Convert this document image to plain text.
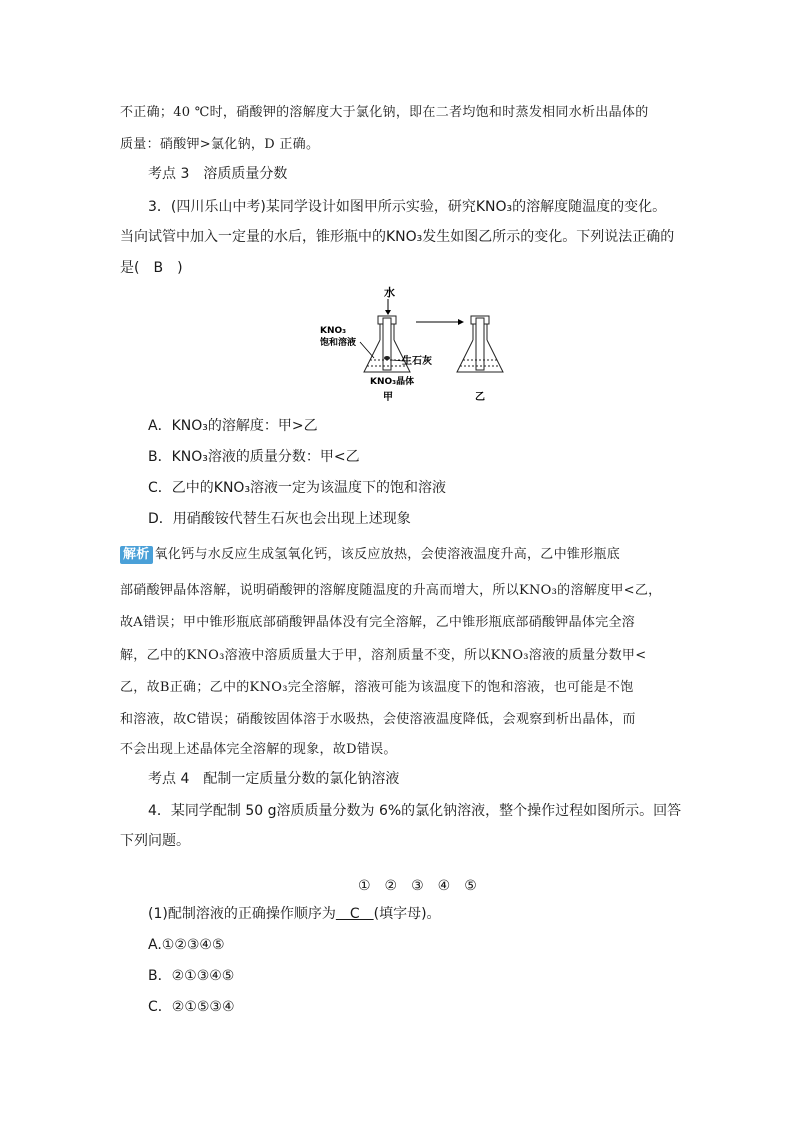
不正确；40 ℃时，硝酸钾的溶解度大于氯化钠，即在二者均饱和时蒸发相同水析出晶体的
质量：硝酸钾>氯化钠，D 正确。
考点 3　溶质质量分数
3．(四川乐山中考)某同学设计如图甲所示实验，研究KNO₃的溶解度随温度的变化。
当向试管中加入一定量的水后，锥形瓶中的KNO₃发生如图乙所示的变化。下列说法正确的
是(　B　)
水
KNO₃
饱和溶液
生石灰
KNO₃晶体
甲	乙
A．KNO₃的溶解度：甲>乙
B．KNO₃溶液的质量分数：甲<乙
C．乙中的KNO₃溶液一定为该温度下的饱和溶液
D．用硝酸铵代替生石灰也会出现上述现象
解析 氧化钙与水反应生成氢氧化钙，该反应放热，会使溶液温度升高，乙中锥形瓶底
部硝酸钾晶体溶解，说明硝酸钾的溶解度随温度的升高而增大，所以KNO₃的溶解度甲<乙，
故A错误；甲中锥形瓶底部硝酸钾晶体没有完全溶解，乙中锥形瓶底部硝酸钾晶体完全溶
解，乙中的KNO₃溶液中溶质质量大于甲，溶剂质量不变，所以KNO₃溶液的质量分数甲<
乙，故B正确；乙中的KNO₃完全溶解，溶液可能为该温度下的饱和溶液，也可能是不饱
和溶液，故C错误；硝酸铵固体溶于水吸热，会使溶液温度降低，会观察到析出晶体，而
不会出现上述晶体完全溶解的现象，故D错误。
考点 4　配制一定质量分数的氯化钠溶液
4．某同学配制 50 g溶质质量分数为 6%的氯化钠溶液，整个操作过程如图所示。回答
下列问题。
①　②　③　④　⑤
(1)配制溶液的正确操作顺序为　C　(填字母)。
A.①②③④⑤
B．②①③④⑤
C．②①⑤③④
